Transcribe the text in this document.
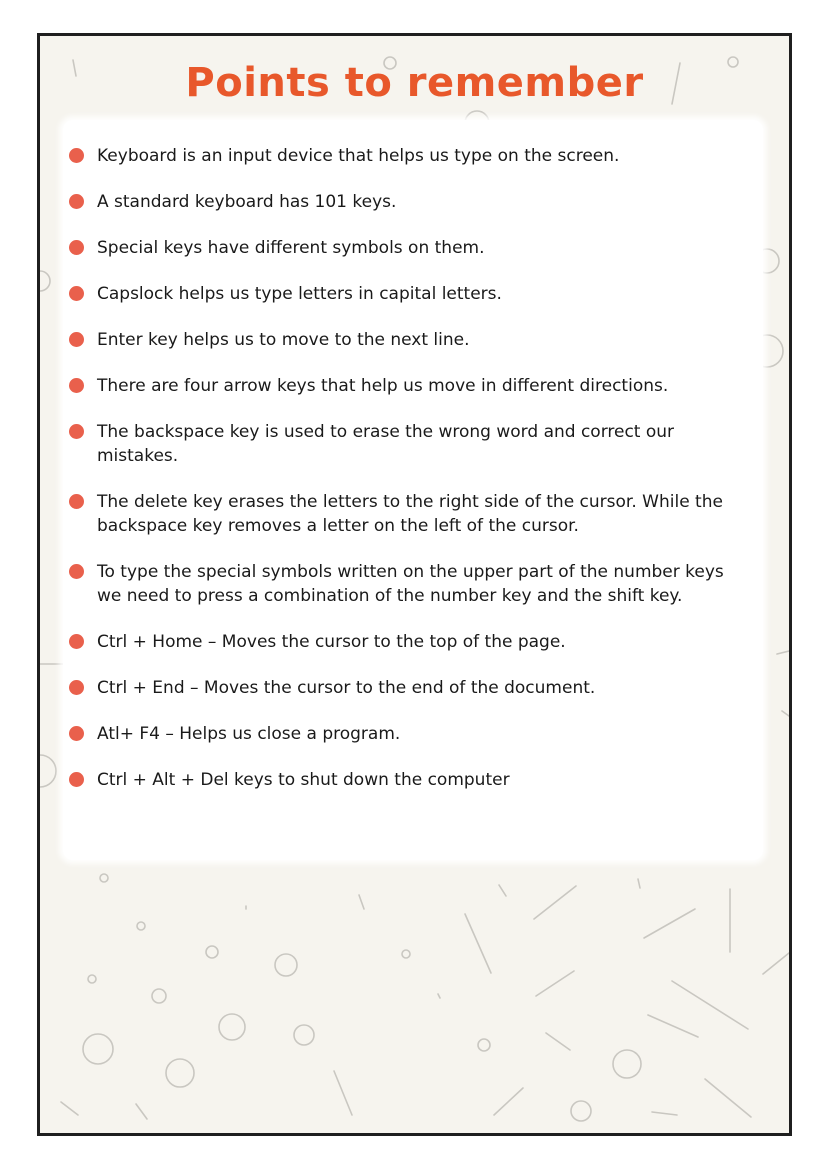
Points to remember
Keyboard is an input device that helps us type on the screen.
A standard keyboard has 101 keys.
Special keys have different symbols on them.
Capslock helps us type letters in capital letters.
Enter key helps us to move to the next line.
There are four arrow keys that help us move in different directions.
The backspace key is used to erase the wrong word and correct our mistakes.
The delete key erases the letters to the right side of the cursor. While the backspace key removes a letter on the left of the cursor.
To type the special symbols written on the upper part of the number keys we need to press a combination of the number key and the shift key.
Ctrl + Home – Moves the cursor to the top of the page.
Ctrl + End – Moves the cursor to the end of the document.
Atl+ F4 – Helps us close a program.
Ctrl + Alt + Del keys to shut down the computer
